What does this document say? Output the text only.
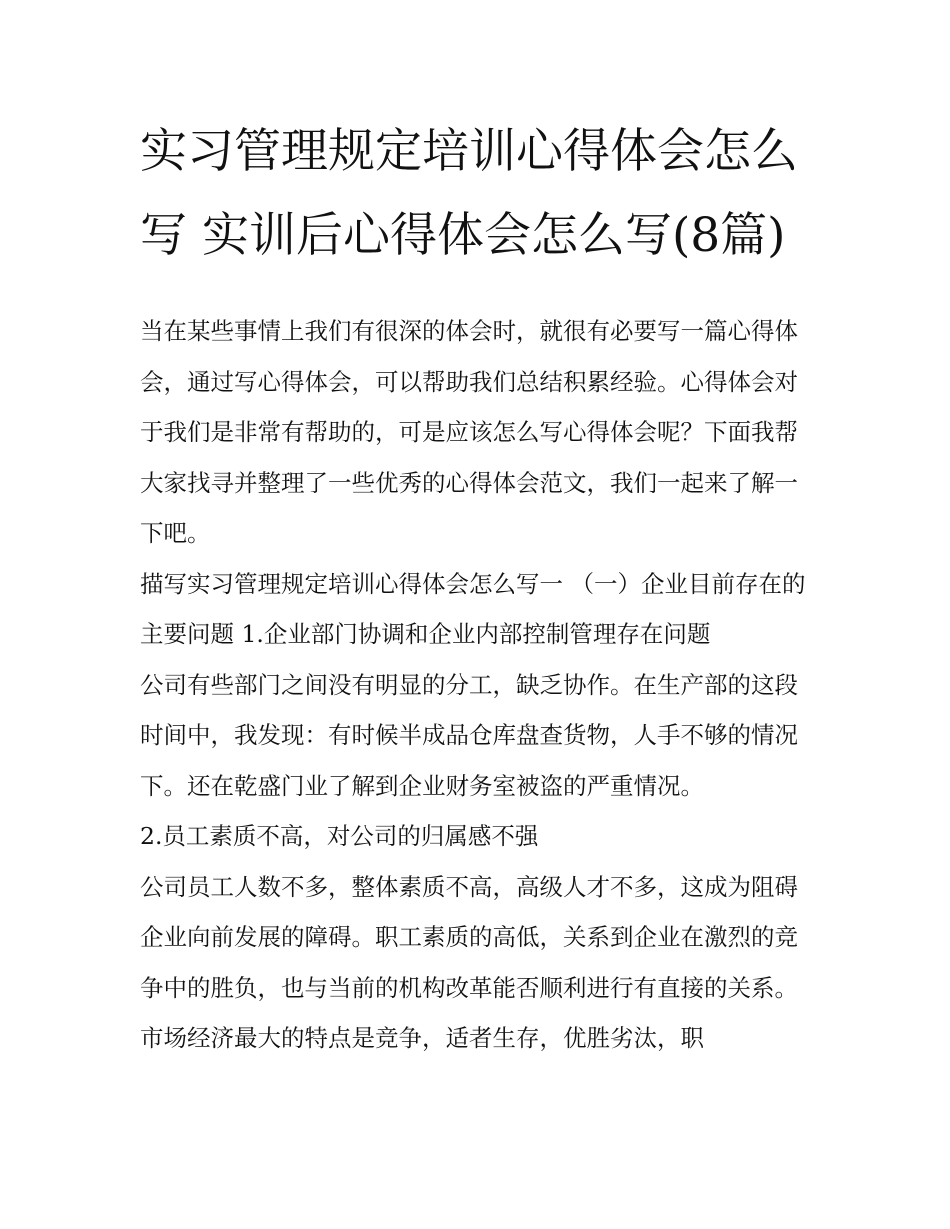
实习管理规定培训心得体会怎么写 实训后心得体会怎么写(8篇)

当在某些事情上我们有很深的体会时，就很有必要写一篇心得体会，通过写心得体会，可以帮助我们总结积累经验。心得体会对于我们是非常有帮助的，可是应该怎么写心得体会呢？下面我帮大家找寻并整理了一些优秀的心得体会范文，我们一起来了解一下吧。

描写实习管理规定培训心得体会怎么写一 （一）企业目前存在的主要问题 1.企业部门协调和企业内部控制管理存在问题

公司有些部门之间没有明显的分工，缺乏协作。在生产部的这段时间中，我发现：有时候半成品仓库盘查货物，人手不够的情况下。还在乾盛门业了解到企业财务室被盗的严重情况。

2.员工素质不高，对公司的归属感不强

公司员工人数不多，整体素质不高，高级人才不多，这成为阻碍企业向前发展的障碍。职工素质的高低，关系到企业在激烈的竞争中的胜负，也与当前的机构改革能否顺利进行有直接的关系。市场经济最大的特点是竞争，适者生存，优胜劣汰，职
